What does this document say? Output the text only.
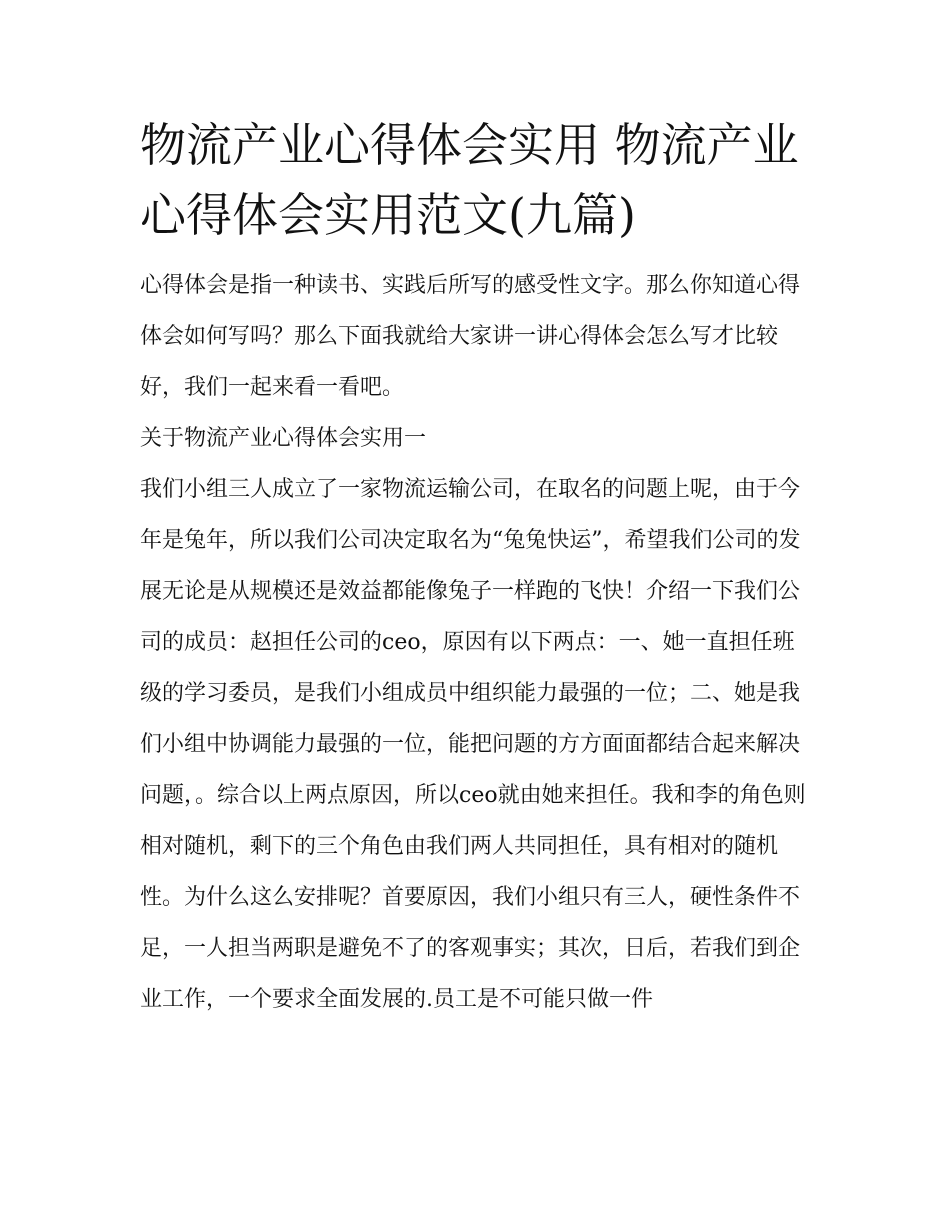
物流产业心得体会实用 物流产业心得体会实用范文(九篇)

心得体会是指一种读书、实践后所写的感受性文字。那么你知道心得体会如何写吗？那么下面我就给大家讲一讲心得体会怎么写才比较好，我们一起来看一看吧。

关于物流产业心得体会实用一

我们小组三人成立了一家物流运输公司，在取名的问题上呢，由于今年是兔年，所以我们公司决定取名为“兔兔快运”，希望我们公司的发展无论是从规模还是效益都能像兔子一样跑的飞快！介绍一下我们公司的成员：赵担任公司的ceo，原因有以下两点：一、她一直担任班级的学习委员，是我们小组成员中组织能力最强的一位；二、她是我们小组中协调能力最强的一位，能把问题的方方面面都结合起来解决问题，。综合以上两点原因，所以ceo就由她来担任。我和李的角色则相对随机，剩下的三个角色由我们两人共同担任，具有相对的随机性。为什么这么安排呢？首要原因，我们小组只有三人，硬性条件不足，一人担当两职是避免不了的客观事实；其次，日后，若我们到企业工作，一个要求全面发展的.员工是不可能只做一件
